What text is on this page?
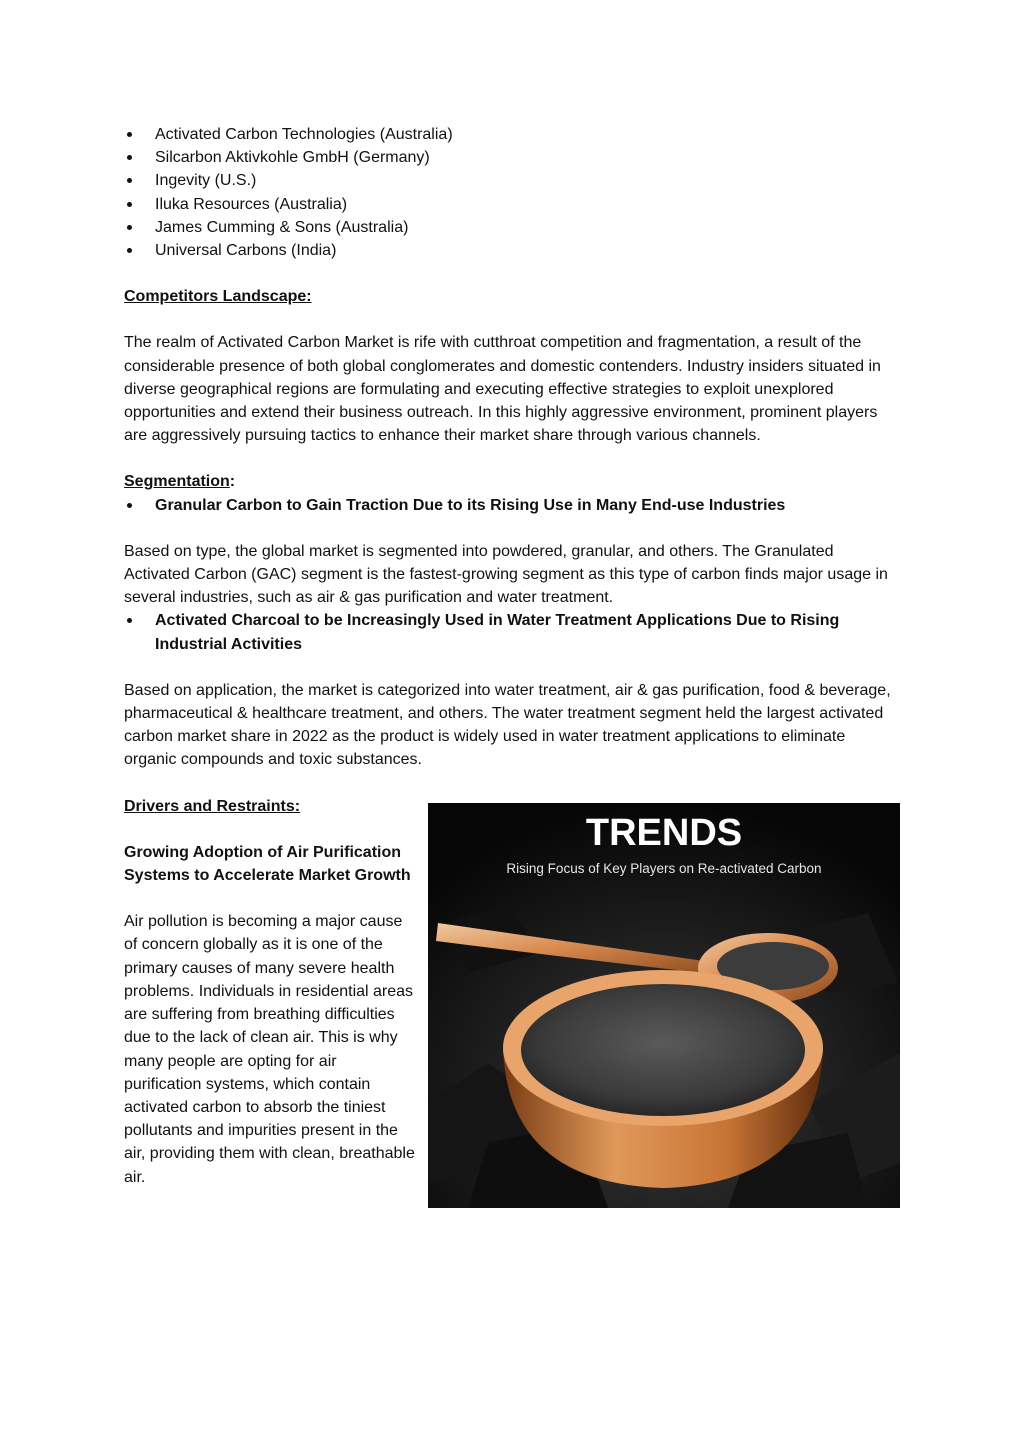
Activated Carbon Technologies (Australia)
Silcarbon Aktivkohle GmbH (Germany)
Ingevity (U.S.)
Iluka Resources (Australia)
James Cumming & Sons (Australia)
Universal Carbons (India)

Competitors Landscape:

The realm of Activated Carbon Market is rife with cutthroat competition and fragmentation, a result of the considerable presence of both global conglomerates and domestic contenders. Industry insiders situated in diverse geographical regions are formulating and executing effective strategies to exploit unexplored opportunities and extend their business outreach. In this highly aggressive environment, prominent players are aggressively pursuing tactics to enhance their market share through various channels.

Segmentation:

Granular Carbon to Gain Traction Due to its Rising Use in Many End-use Industries

Based on type, the global market is segmented into powdered, granular, and others. The Granulated Activated Carbon (GAC) segment is the fastest-growing segment as this type of carbon finds major usage in several industries, such as air & gas purification and water treatment.

Activated Charcoal to be Increasingly Used in Water Treatment Applications Due to Rising Industrial Activities

Based on application, the market is categorized into water treatment, air & gas purification, food & beverage, pharmaceutical & healthcare treatment, and others. The water treatment segment held the largest activated carbon market share in 2022 as the product is widely used in water treatment applications to eliminate organic compounds and toxic substances.

Drivers and Restraints:

Growing Adoption of Air Purification Systems to Accelerate Market Growth

Air pollution is becoming a major cause of concern globally as it is one of the primary causes of many severe health problems. Individuals in residential areas are suffering from breathing difficulties due to the lack of clean air. This is why many people are opting for air purification systems, which contain activated carbon to absorb the tiniest pollutants and impurities present in the air, providing them with clean, breathable air.

TRENDS
Rising Focus of Key Players on Re-activated Carbon
